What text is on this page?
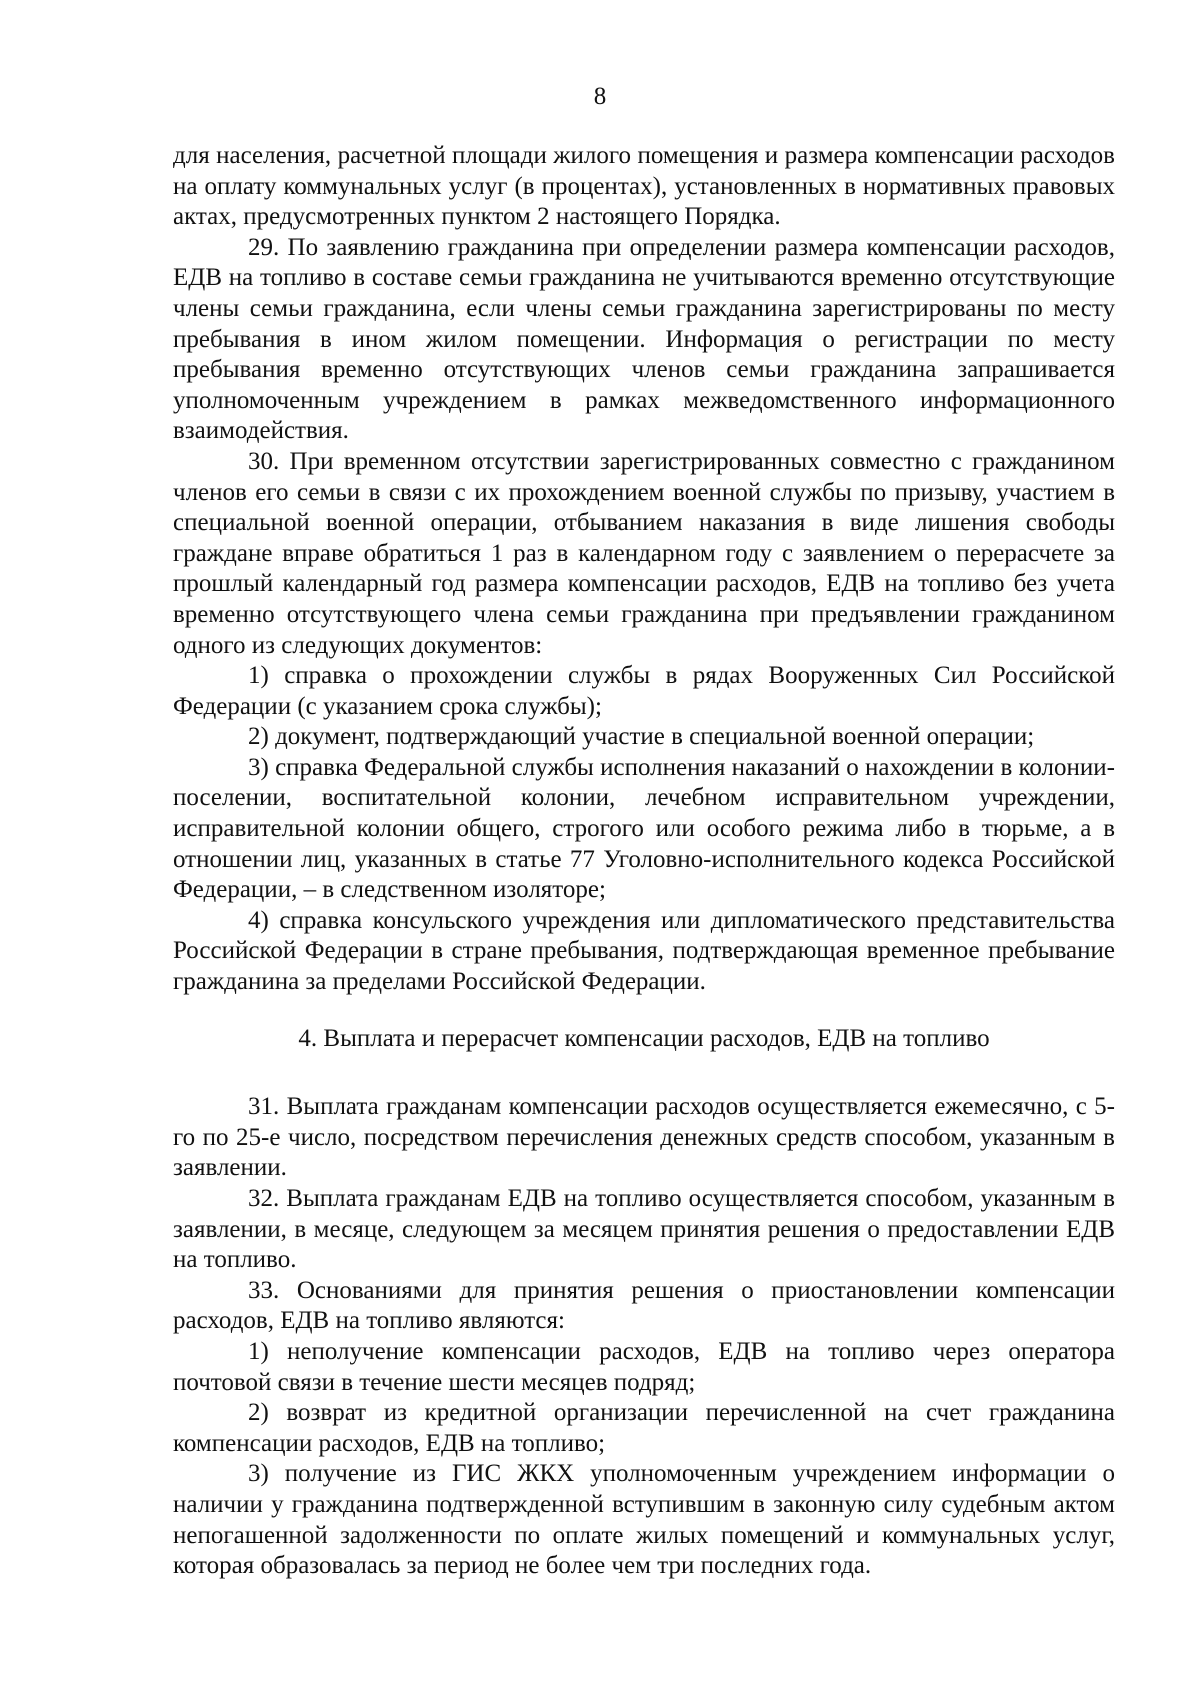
8

для населения, расчетной площади жилого помещения и размера компенсации расходов на оплату коммунальных услуг (в процентах), установленных в нормативных правовых актах, предусмотренных пунктом 2 настоящего Порядка.

29. По заявлению гражданина при определении размера компенсации расходов, ЕДВ на топливо в составе семьи гражданина не учитываются временно отсутствующие члены семьи гражданина, если члены семьи гражданина зарегистрированы по месту пребывания в ином жилом помещении. Информация о регистрации по месту пребывания временно отсутствующих членов семьи гражданина запрашивается уполномоченным учреждением в рамках межведомственного информационного взаимодействия.

30. При временном отсутствии зарегистрированных совместно с гражданином членов его семьи в связи с их прохождением военной службы по призыву, участием в специальной военной операции, отбыванием наказания в виде лишения свободы граждане вправе обратиться 1 раз в календарном году с заявлением о перерасчете за прошлый календарный год размера компенсации расходов, ЕДВ на топливо без учета временно отсутствующего члена семьи гражданина при предъявлении гражданином одного из следующих документов:

1) справка о прохождении службы в рядах Вооруженных Сил Российской Федерации (с указанием срока службы);

2) документ, подтверждающий участие в специальной военной операции;

3) справка Федеральной службы исполнения наказаний о нахождении в колонии-поселении, воспитательной колонии, лечебном исправительном учреждении, исправительной колонии общего, строгого или особого режима либо в тюрьме, а в отношении лиц, указанных в статье 77 Уголовно-исполнительного кодекса Российской Федерации, – в следственном изоляторе;

4) справка консульского учреждения или дипломатического представительства Российской Федерации в стране пребывания, подтверждающая временное пребывание гражданина за пределами Российской Федерации.

4. Выплата и перерасчет компенсации расходов, ЕДВ на топливо

31. Выплата гражданам компенсации расходов осуществляется ежемесячно, с 5-го по 25-е число, посредством перечисления денежных средств способом, указанным в заявлении.

32. Выплата гражданам ЕДВ на топливо осуществляется способом, указанным в заявлении, в месяце, следующем за месяцем принятия решения о предоставлении ЕДВ на топливо.

33. Основаниями для принятия решения о приостановлении компенсации расходов, ЕДВ на топливо являются:

1) неполучение компенсации расходов, ЕДВ на топливо через оператора почтовой связи в течение шести месяцев подряд;

2) возврат из кредитной организации перечисленной на счет гражданина компенсации расходов, ЕДВ на топливо;

3) получение из ГИС ЖКХ уполномоченным учреждением информации о наличии у гражданина подтвержденной вступившим в законную силу судебным актом непогашенной задолженности по оплате жилых помещений и коммунальных услуг, которая образовалась за период не более чем три последних года.
